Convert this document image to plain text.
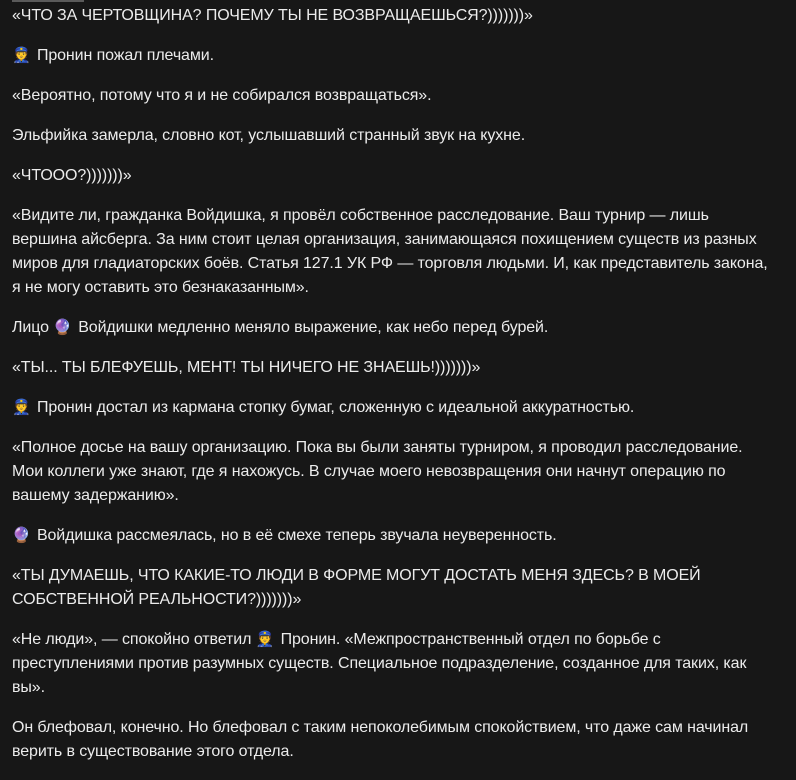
«ЧТО ЗА ЧЕРТОВЩИНА? ПОЧЕМУ ТЫ НЕ ВОЗВРАЩАЕШЬСЯ?)))))))»

👮 Пронин пожал плечами.

«Вероятно, потому что я и не собирался возвращаться».

Эльфийка замерла, словно кот, услышавший странный звук на кухне.

«ЧТООО?)))))))»

«Видите ли, гражданка Войдишка, я провёл собственное расследование. Ваш турнир — лишь вершина айсберга. За ним стоит целая организация, занимающаяся похищением существ из разных миров для гладиаторских боёв. Статья 127.1 УК РФ — торговля людьми. И, как представитель закона, я не могу оставить это безнаказанным».

Лицо 🔮 Войдишки медленно меняло выражение, как небо перед бурей.

«ТЫ... ТЫ БЛЕФУЕШЬ, МЕНТ! ТЫ НИЧЕГО НЕ ЗНАЕШЬ!)))))))»

👮 Пронин достал из кармана стопку бумаг, сложенную с идеальной аккуратностью.

«Полное досье на вашу организацию. Пока вы были заняты турниром, я проводил расследование. Мои коллеги уже знают, где я нахожусь. В случае моего невозвращения они начнут операцию по вашему задержанию».

🔮 Войдишка рассмеялась, но в её смехе теперь звучала неуверенность.

«ТЫ ДУМАЕШЬ, ЧТО КАКИЕ-ТО ЛЮДИ В ФОРМЕ МОГУТ ДОСТАТЬ МЕНЯ ЗДЕСЬ? В МОЕЙ СОБСТВЕННОЙ РЕАЛЬНОСТИ?)))))))»

«Не люди», — спокойно ответил 👮 Пронин. «Межпространственный отдел по борьбе с преступлениями против разумных существ. Специальное подразделение, созданное для таких, как вы».

Он блефовал, конечно. Но блефовал с таким непоколебимым спокойствием, что даже сам начинал верить в существование этого отдела.
